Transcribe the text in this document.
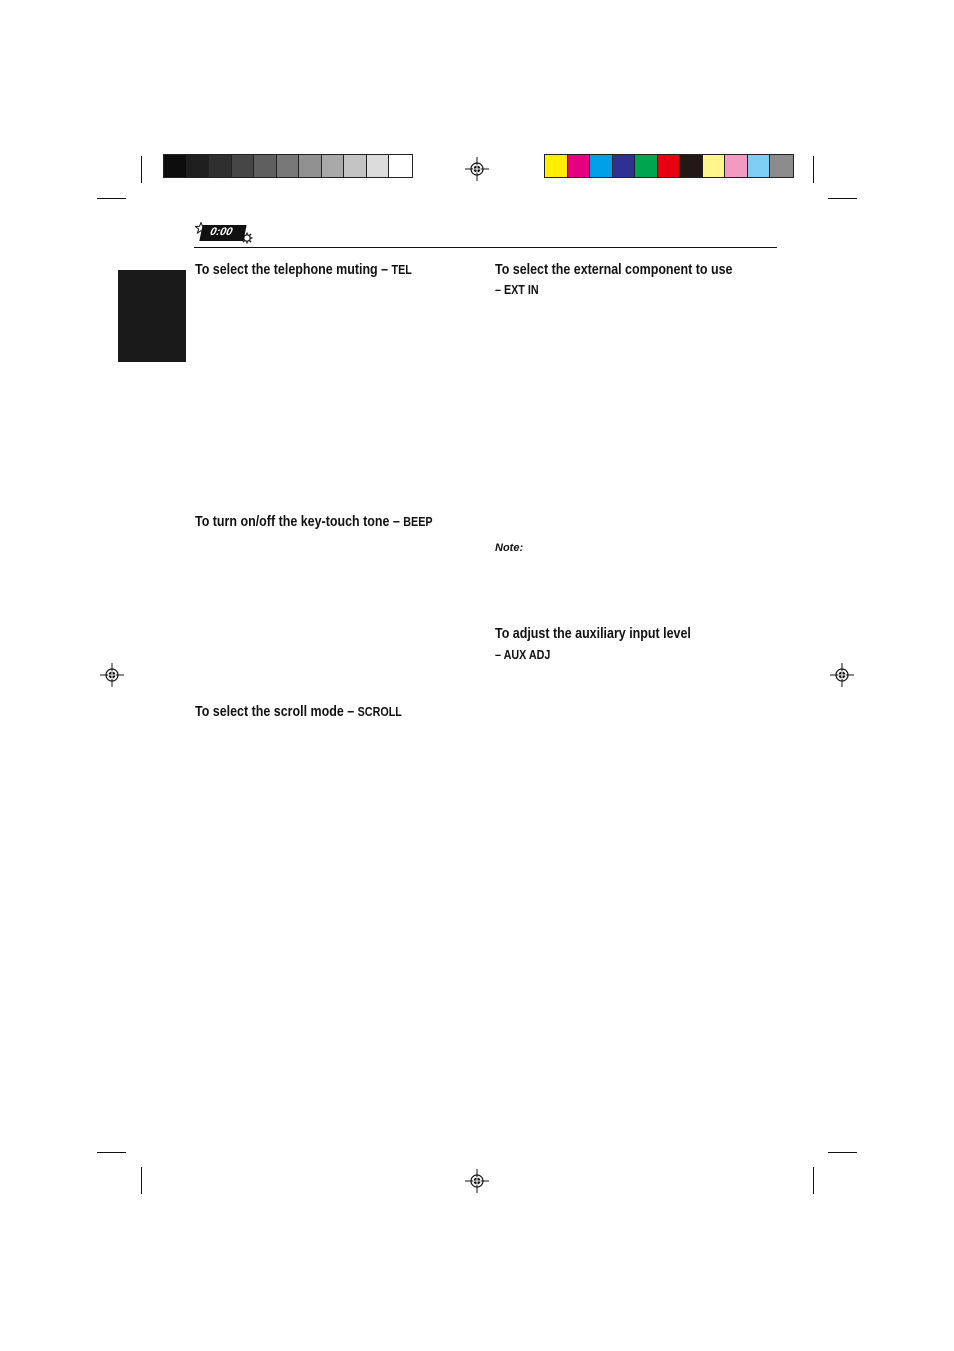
0:00
To select the telephone muting – TEL
To turn on/off the key-touch tone – BEEP
To select the scroll mode – SCROLL
To select the external component to use
– EXT IN
Note:
To adjust the auxiliary input level
– AUX ADJ
